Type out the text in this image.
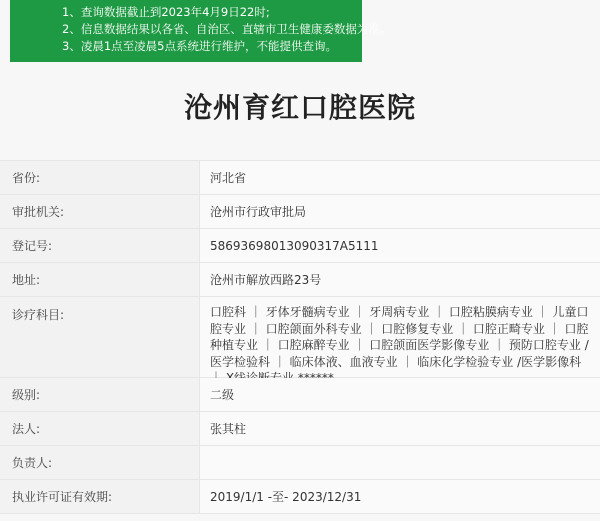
1、查询数据截止到2023年4月9日22时;
2、信息数据结果以各省、自治区、直辖市卫生健康委数据为准。
3、凌晨1点至凌晨5点系统进行维护，不能提供查询。
沧州育红口腔医院
省份:	河北省
审批机关:	沧州市行政审批局
登记号:	58693698013090317A5111
地址:	沧州市解放西路23号
诊疗科目:	口腔科 ｜ 牙体牙髓病专业 ｜ 牙周病专业 ｜ 口腔粘膜病专业 ｜ 儿童口腔专业 ｜ 口腔颌面外科专业 ｜ 口腔修复专业 ｜ 口腔正畸专业 ｜ 口腔种植专业 ｜ 口腔麻醉专业 ｜ 口腔颌面医学影像专业 ｜ 预防口腔专业 /医学检验科 ｜ 临床体液、血液专业 ｜ 临床化学检验专业 /医学影像科
级别:	二级
法人:	张其柱
负责人:
执业许可证有效期:	2019/1/1 -至- 2023/12/31
